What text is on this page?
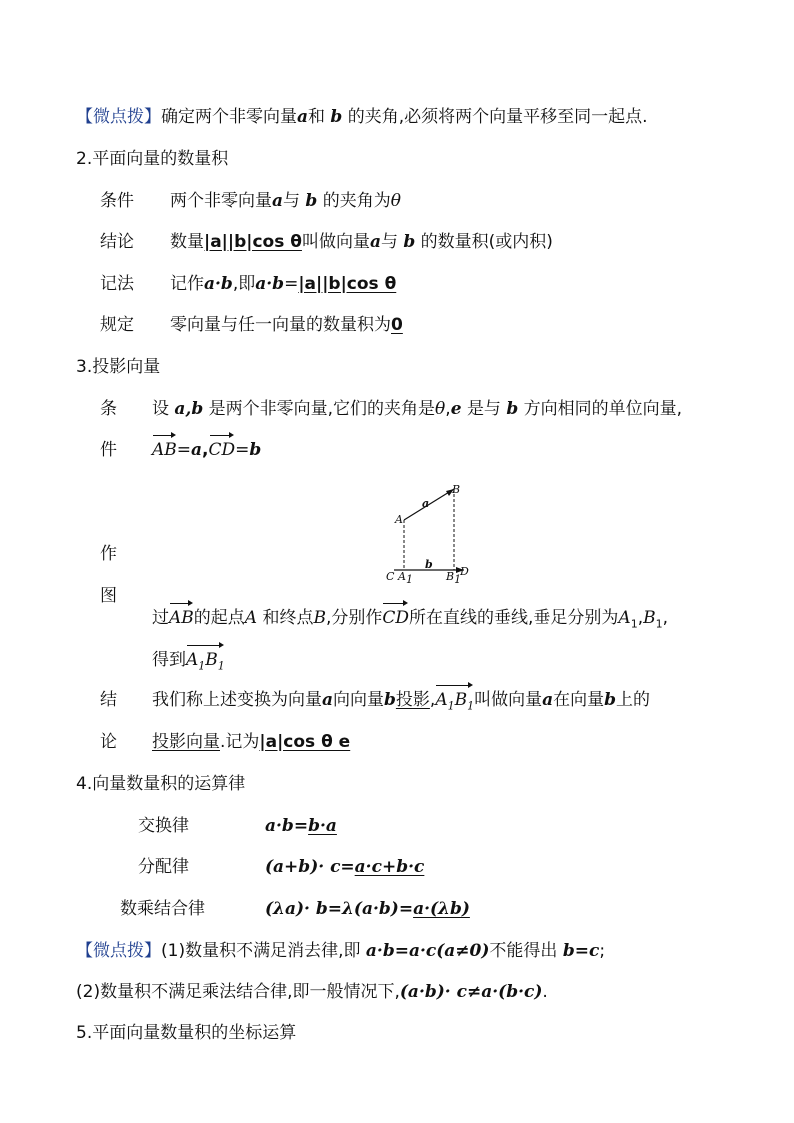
【微点拨】确定两个非零向量a和 b 的夹角,必须将两个向量平移至同一起点.
2.平面向量的数量积
条件 两个非零向量a与 b 的夹角为θ
结论 数量|a||b|cos θ叫做向量a与 b 的数量积(或内积)
记法 记作a·b,即a·b=|a||b|cos θ
规定 零向量与任一向量的数量积为0
3.投影向量
条 设 a,b 是两个非零向量,它们的夹角是θ,e 是与 b 方向相同的单位向量,
件 AB=a,CD=b
A
B
a
b
C $A_1$	$B_1$
D
作
图
过AB的起点A 和终点B,分别作CD所在直线的垂线,垂足分别为$A_1,B_1$,
得到$A_1B_1$
结 我们称上述变换为向量a向向量b投影$,A_1B_1$叫做向量a在向量b上的
论 投影向量.记为|a|cos θ e
4.向量数量积的运算律
交换律	a·b=b·a
分配律	(a+b)· c=a·c+b·c
数乘结合律	(λa)· b=λ(a·b)=a·(λb)
【微点拨】(1)数量积不满足消去律,即 a·b=a·c(a≠0)不能得出 b=c;
(2)数量积不满足乘法结合律,即一般情况下,(a·b)· c≠a·(b·c).
5.平面向量数量积的坐标运算
